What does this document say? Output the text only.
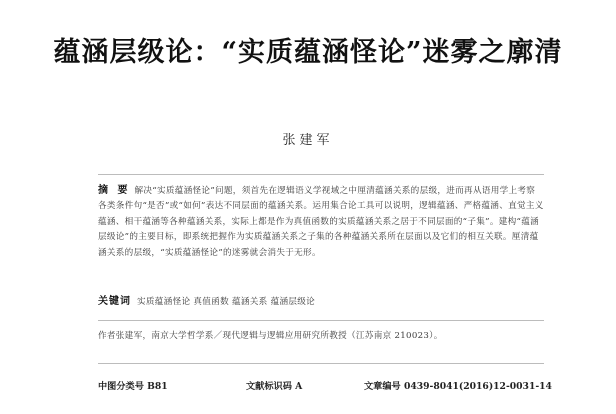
蕴涵层级论：“实质蕴涵怪论”迷雾之廓清
张建军
摘 要 解决“实质蕴涵怪论”问题，须首先在逻辑语义学视域之中厘清蕴涵关系的层级，进而再从语用学上考察各类条件句“是否”或“如何”表达不同层面的蕴涵关系。运用集合论工具可以说明，逻辑蕴涵、严格蕴涵、直觉主义蕴涵、相干蕴涵等各种蕴涵关系，实际上都是作为真值函数的实质蕴涵关系之居于不同层面的“子集”。建构“蕴涵层级论”的主要目标，即系统把握作为实质蕴涵关系之子集的各种蕴涵关系所在层面以及它们的相互关联。厘清蕴涵关系的层级，“实质蕴涵怪论”的迷雾就会消失于无形。
关键词 实质蕴涵怪论 真值函数 蕴涵关系 蕴涵层级论
作者张建军，南京大学哲学系／现代逻辑与逻辑应用研究所教授（江苏南京 210023）。
中图分类号 B81	文献标识码 A	文章编号 0439-8041(2016)12-0031-14
